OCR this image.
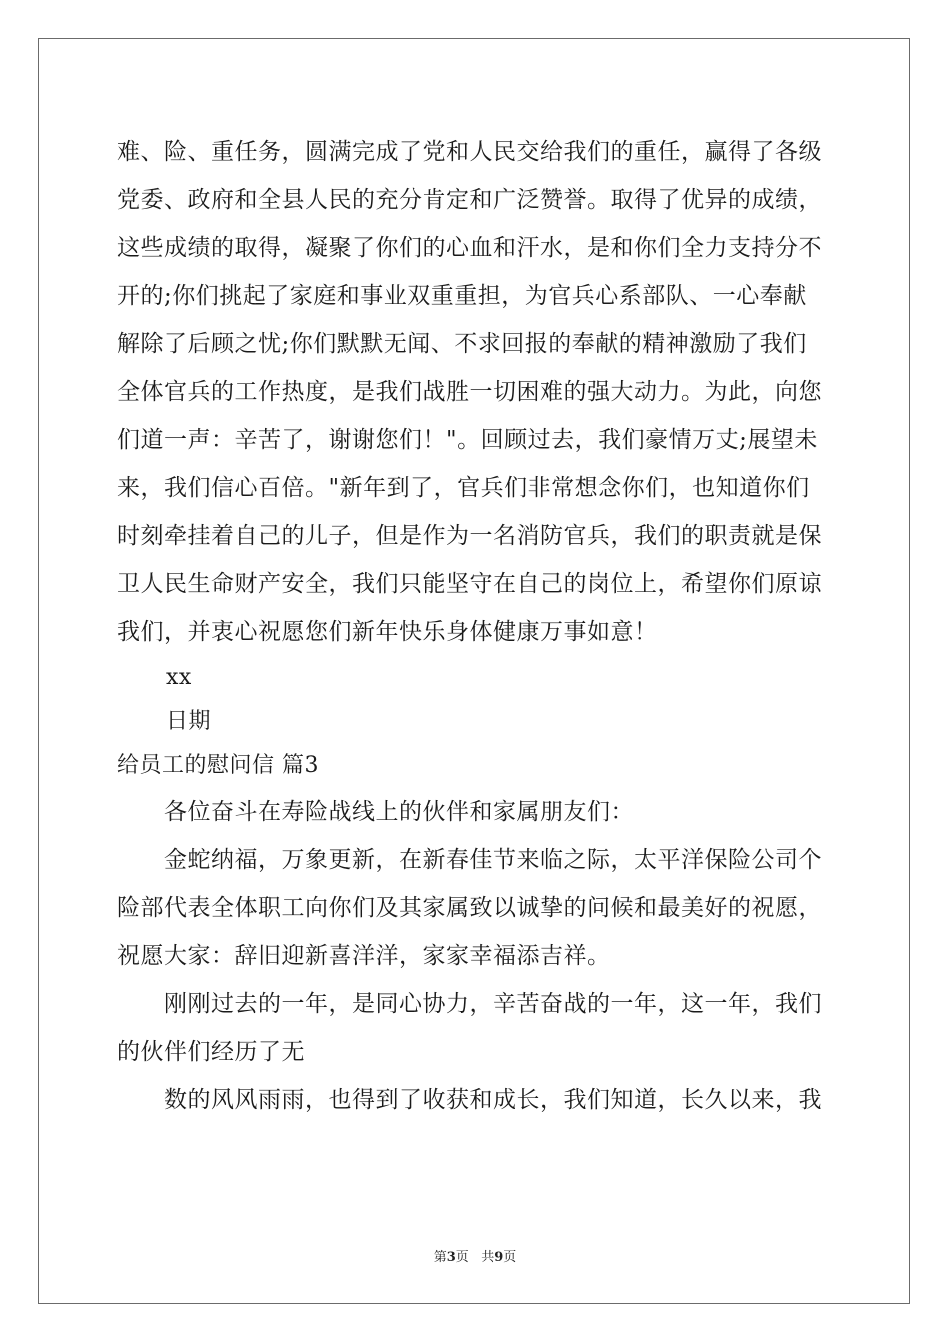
难、险、重任务，圆满完成了党和人民交给我们的重任，赢得了各级
党委、政府和全县人民的充分肯定和广泛赞誉。取得了优异的成绩，
这些成绩的取得，凝聚了你们的心血和汗水，是和你们全力支持分不
开的;你们挑起了家庭和事业双重重担，为官兵心系部队、一心奉献
解除了后顾之忧;你们默默无闻、不求回报的奉献的精神激励了我们
全体官兵的工作热度，是我们战胜一切困难的强大动力。为此，向您
们道一声：辛苦了，谢谢您们！"。回顾过去，我们豪情万丈;展望未
来，我们信心百倍。"新年到了，官兵们非常想念你们，也知道你们
时刻牵挂着自己的儿子，但是作为一名消防官兵，我们的职责就是保
卫人民生命财产安全，我们只能坚守在自己的岗位上，希望你们原谅
我们，并衷心祝愿您们新年快乐身体健康万事如意！
xx
日期
给员工的慰问信 篇3
各位奋斗在寿险战线上的伙伴和家属朋友们：
金蛇纳福，万象更新，在新春佳节来临之际，太平洋保险公司个
险部代表全体职工向你们及其家属致以诚挚的问候和最美好的祝愿，
祝愿大家：辞旧迎新喜洋洋，家家幸福添吉祥。
刚刚过去的一年，是同心协力，辛苦奋战的一年，这一年，我们
的伙伴们经历了无
数的风风雨雨，也得到了收获和成长，我们知道，长久以来，我
第3页 共9页
